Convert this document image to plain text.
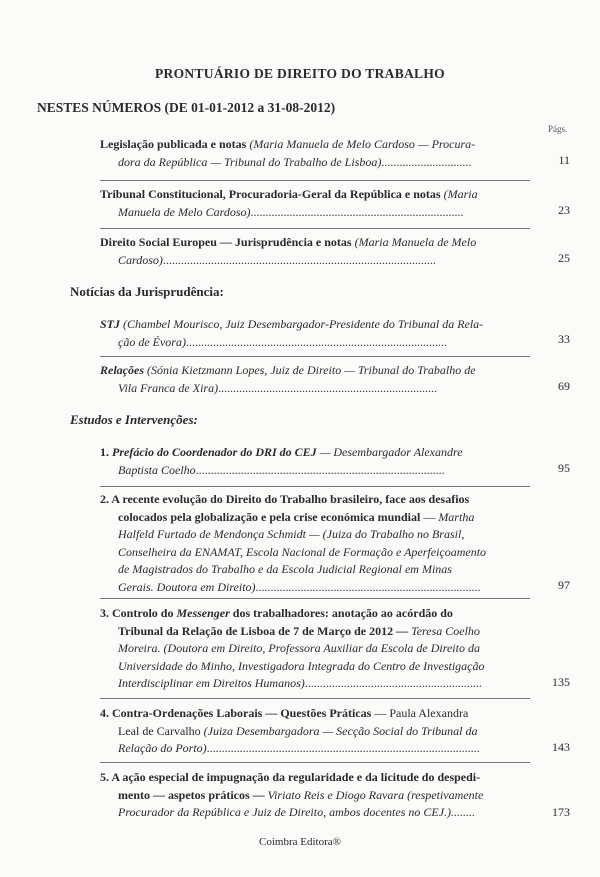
PRONTUÁRIO DE DIREITO DO TRABALHO
NESTES NÚMEROS (DE 01-01-2012 a 31-08-2012)
Págs.
Legislação publicada e notas (Maria Manuela de Melo Cardoso — Procura-
dora da República — Tribunal do Trabalho de Lisboa)..............................	11
Tribunal Constitucional, Procuradoria-Geral da República e notas (Maria
Manuela de Melo Cardoso).......................................................................	23
Direito Social Europeu — Jurisprudência e notas (Maria Manuela de Melo
Cardoso)...........................................................................................	25
Notícias da Jurisprudência:
STJ (Chambel Mourisco, Juiz Desembargador-Presidente do Tribunal da Rela-
ção de Évora).......................................................................................	33
Relações (Sónia Kietzmann Lopes, Juiz de Direito — Tribunal do Trabalho de
Vila Franca de Xira).........................................................................	69
Estudos e Intervenções:
1. Prefácio do Coordenador do DRI do CEJ — Desembargador Alexandre
Baptista Coelho...................................................................................	95
2. A recente evolução do Direito do Trabalho brasileiro, face aos desafios
colocados pela globalização e pela crise económica mundial — Martha
Halfeld Furtado de Mendonça Schmidt — (Juiza do Trabalho no Brasil,
Conselheira da ENAMAT, Escola Nacional de Formação e Aperfeiçoamento
de Magistrados do Trabalho e da Escola Judicial Regional em Minas
Gerais. Doutora em Direito)...........................................................................	97
3. Controlo do Messenger dos trabalhadores: anotação ao acórdão do
Tribunal da Relação de Lisboa de 7 de Março de 2012 — Teresa Coelho
Moreira. (Doutora em Direito, Professora Auxiliar da Escola de Direito da
Universidade do Minho, Investigadora Integrada do Centro de Investigação
Interdisciplinar em Direitos Humanos)...........................................................	135
4. Contra-Ordenações Laborais — Questões Práticas — Paula Alexandra
Leal de Carvalho (Juiza Desembargadora — Secção Social do Tribunal da
Relação do Porto)...........................................................................................	143
5. A ação especial de impugnação da regularidade e da licitude do despedi-
mento — aspetos práticos — Viriato Reis e Diogo Ravara (respetivamente
Procurador da República e Juiz de Direito, ambos docentes no CEJ.)........	173
Coimbra Editora®
